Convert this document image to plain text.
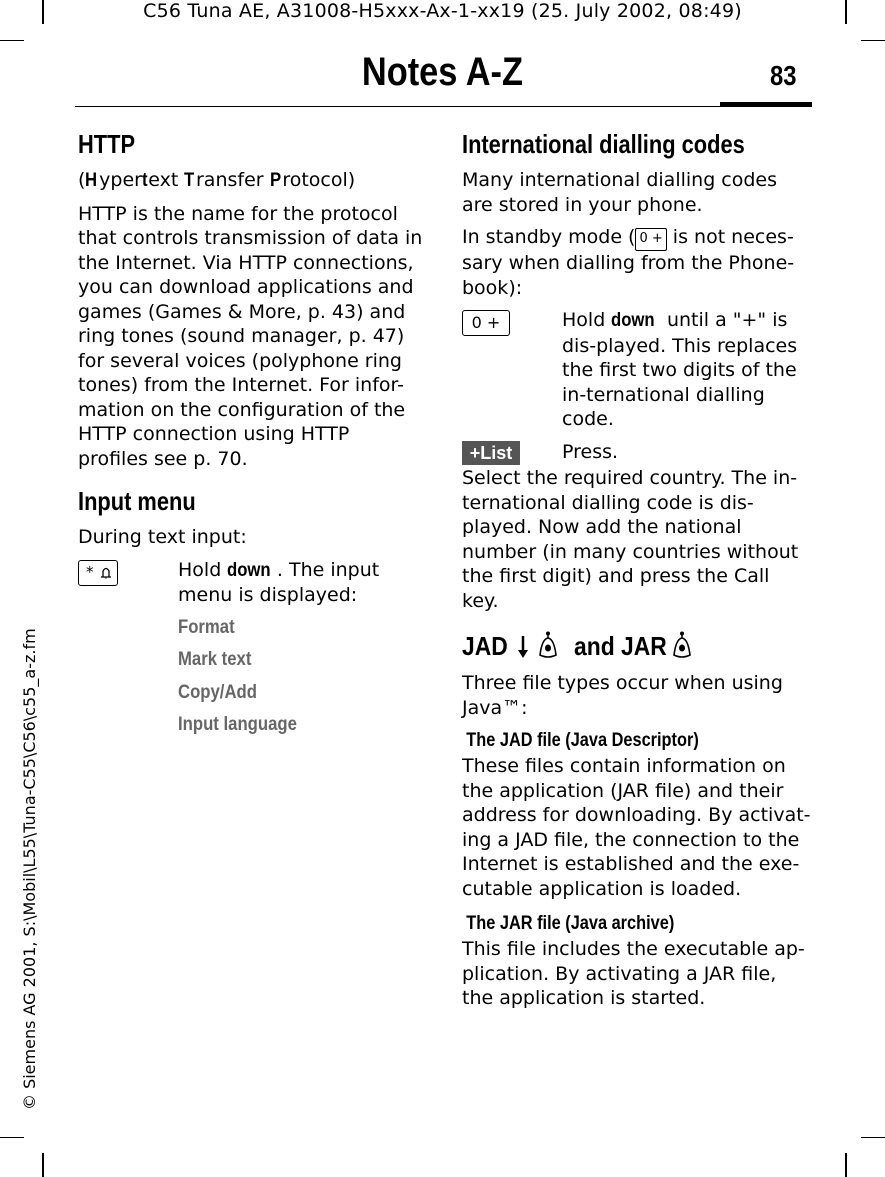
C56 Tuna AE, A31008-H5xxx-Ax-1-xx19 (25. July 2002, 08:49)
© Siemens AG 2001, S:\Mobil\L55\Tuna-C55\C56\c55_a-z.fm
Notes A-Z	83
HTTP

(Hypertext Transfer Protocol)

HTTP is the name for the protocol that controls transmission of data in the Internet. Via HTTP connections, you can download applications and games (Games & More, p. 43) and ring tones (sound manager, p. 47) for several voices (polyphone ring tones) from the Internet. For infor-mation on the configuration of the HTTP connection using HTTP profiles see p. 70.

Input menu

During text input:

*	Hold down . The input menu is displayed:
Format
Mark text
Copy/Add
Input language
International dialling codes

Many international dialling codes are stored in your phone.

In standby mode ( 0 + is not neces-sary when dialling from the Phone-book):

0 +	Hold down until a "+" is dis-played. This replaces the first two digits of the in-ternational dialling code.
+List	Press.

Select the required country. The in-ternational dialling code is dis-played. Now add the national number (in many countries without the first digit) and press the Call key.

JAD	and JAR

Three file types occur when using Java™:

The JAD file (Java Descriptor)

These files contain information on the application (JAR file) and their address for downloading. By activat-ing a JAD file, the connection to the Internet is established and the exe-cutable application is loaded.

The JAR file (Java archive)

This file includes the executable ap-plication. By activating a JAR file, the application is started.
